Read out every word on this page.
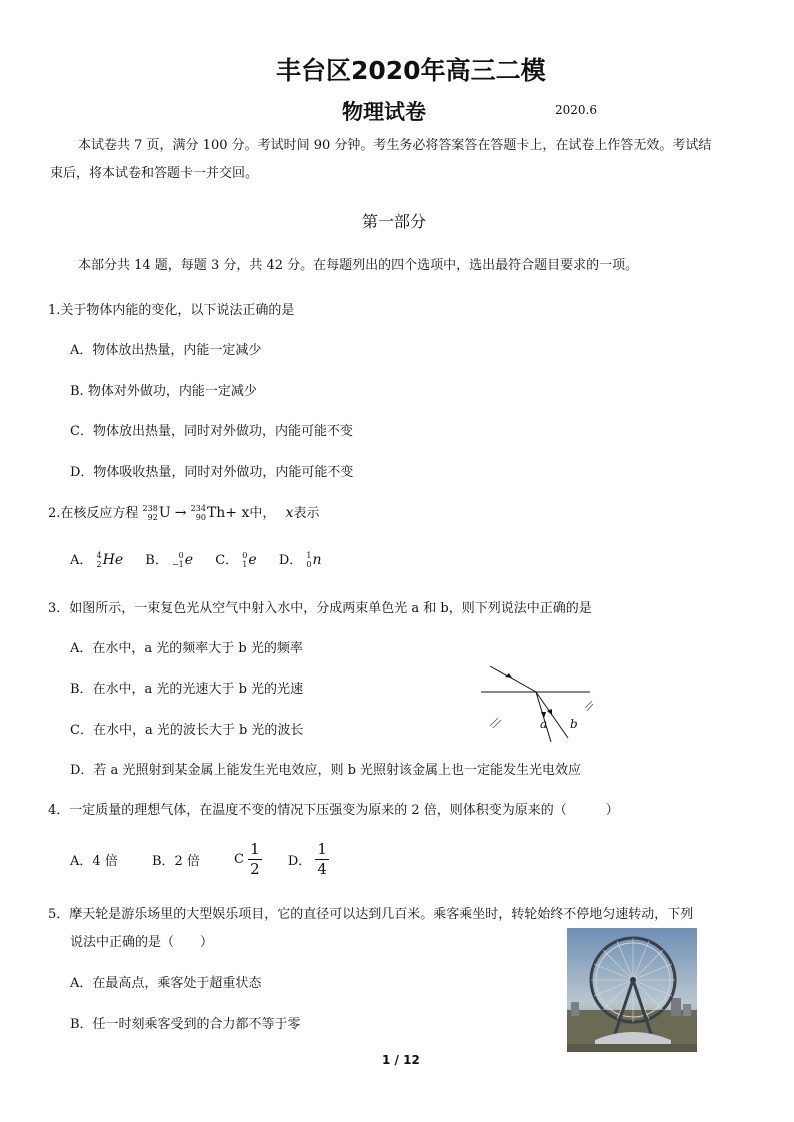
丰台区2020年高三二模
物理试卷	2020.6
本试卷共 7 页，满分 100 分。考试时间 90 分钟。考生务必将答案答在答题卡上，在试卷上作答无效。考试结
束后，将本试卷和答题卡一并交回。
第一部分
本部分共 14 题，每题 3 分，共 42 分。在每题列出的四个选项中，选出最符合题目要求的一项。
1.关于物体内能的变化，以下说法正确的是
A．物体放出热量，内能一定减少
B. 物体对外做功，内能一定减少
C．物体放出热量，同时对外做功，内能可能不变
D．物体吸收热量，同时对外做功，内能可能不变
2.在核反应方程 238
92 U → 234
90 Th+ x中， x表示
A． 4
2 He B．	0
−1 e C． 0
1 e D． 1
0 n
3．如图所示，一束复色光从空气中射入水中，分成两束单色光 a 和 b，则下列说法中正确的是
A．在水中，a 光的频率大于 b 光的频率
B．在水中，a 光的光速大于 b 光的光速
C．在水中，a 光的波长大于 b 光的波长
D．若 a 光照射到某金属上能发生光电效应，则 b 光照射该金属上也一定能发生光电效应
a b
4．一定质量的理想气体，在温度不变的情况下压强变为原来的 2 倍，则体积变为原来的（　　　）
A．4 倍	B．2 倍	C $\frac{1}{2}$ D． $\frac{1}{4}$
5．摩天轮是游乐场里的大型娱乐项目，它的直径可以达到几百米。乘客乘坐时，转轮始终不停地匀速转动，下列
说法中正确的是（　　）
A．在最高点，乘客处于超重状态
B．任一时刻乘客受到的合力都不等于零
1 / 12
